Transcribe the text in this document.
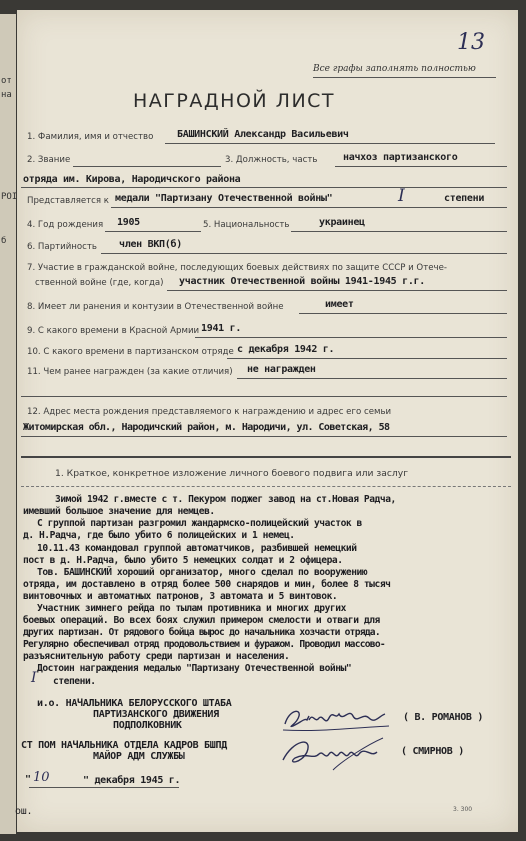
от
на
РОІ
б
13
Все графы заполнять полностью
НАГРАДНОЙ ЛИСТ
1. Фамилия, имя и отчество БАШИНСКИЙ Александр Васильевич
2. Звание	3. Должность, часть	начхоз партизанского
отряда им. Кирова, Народичского района
Представляется к медали "Партизану Отечественной войны"	I	степени
4. Год рождения 1905	5. Национальность	украинец
6. Партийность член ВКП(б)
7. Участие в гражданской войне, последующих боевых действиях по защите СССР и Отече-
ственной войне (где, когда) участник Отечественной войны 1941-1945 г.г.
8. Имеет ли ранения и контузии в Отечественной войне	имеет
9. С какого времени в Красной Армии 1941 г.
10. С какого времени в партизанском отряде с декабря 1942 г.
11. Чем ранее награжден (за какие отличия) не награжден
12. Адрес места рождения представляемого к награждению и адрес его семьи
Житомирская обл., Народичский район, м. Народичи, ул. Советская, 58
1. Краткое, конкретное изложение личного боевого подвига или заслуг
Зимой 1942 г.вместе с т. Пекуром поджег завод на ст.Новая Радча,
имевший большое значение для немцев.
С группой партизан разгромил жандармско-полицейский участок в
д. Н.Радча, где было убито 6 полицейских и 1 немец.
10.11.43 командовал группой автоматчиков, разбившей немецкий
пост в д. Н.Радча, было убито 5 немецких солдат и 2 офицера.
Тов. БАШИНСКИЙ хороший организатор, много сделал по вооружению
отряда, им доставлено в отряд более 500 снарядов и мин, более 8 тысяч
винтовочных и автоматных патронов, 3 автомата и 5 винтовок.
Участник зимнего рейда по тылам противника и многих других
боевых операций. Во всех боях служил примером смелости и отваги для
других партизан. От рядового бойца вырос до начальника хозчасти отряда.
Регулярно обеспечивал отряд продовольствием и фуражом. Проводил массово-
разъяснительную работу среди партизан и населения.
Достоин награждения медалью "Партизану Отечественной войны"
I степени.
и.о. НАЧАЛЬНИКА БЕЛОРУССКОГО ШТАБА
ПАРТИЗАНСКОГО ДВИЖЕНИЯ
ПОДПОЛКОВНИК
( В. РОМАНОВ )
СТ ПОМ НАЧАЛЬНИКА ОТДЕЛА КАДРОВ БШПД
МАЙОР АДМ СЛУЖБЫ	( СМИРНОВ )
" 10	" декабря 1945 г.
ош.	3. 300
